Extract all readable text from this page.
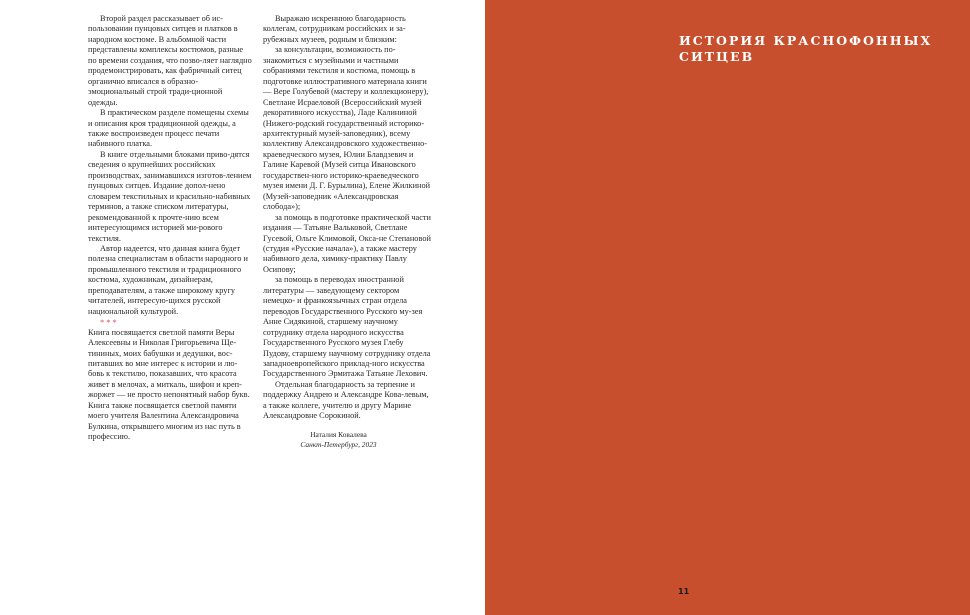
Второй раздел рассказывает об ис-пользовании пунцовых ситцев и платков в народном костюме. В альбомной части представлены комплексы костюмов, разные по времени создания, что позво-ляет наглядно продемонстрировать, как фабричный ситец органично вписался в образно-эмоциональный строй тради-ционной одежды.

В практическом разделе помещены схемы и описания кроя традиционной одежды, а также воспроизведен процесс печати набивного платка.

В книге отдельными блоками приво-дятся сведения о крупнейших российских производствах, занимавшихся изготов-лением пунцовых ситцев. Издание допол-нено словарем текстильных и красильно-набивных терминов, а также списком литературы, рекомендованной к прочте-нию всем интересующимся историей ми-рового текстиля.

Автор надеется, что данная книга будет полезна специалистам в области народного и промышленного текстиля и традиционного костюма, художникам, дизайнерам, преподавателям, а также широкому кругу читателей, интересую-щихся русской национальной культурой.

***

Книга посвящается светлой памяти Веры Алексеевны и Николая Григорьевича Ще-тининых, моих бабушки и дедушки, вос-питавших во мне интерес к истории и лю-бовь к текстилю, показавших, что красота живет в мелочах, а миткаль, шифон и креп-жоржет — не просто непонятный набор букв. Книга также посвящается светлой памяти моего учителя Валентина Александровича Булкина, открывшего многим из нас путь в профессию.

Выражаю искреннюю благодарность коллегам, сотрудникам российских и за-рубежных музеев, родным и близким:

за консультации, возможность по-знакомиться с музейными и частными собраниями текстиля и костюма, помощь в подготовке иллюстративного материала книги — Вере Голубевой (мастеру и коллекционеру), Светлане Исраеловой (Всероссийский музей декоративного искусства), Ладе Калининой (Нижего-родский государственный историко-архитектурный музей-заповедник), всему коллективу Александровского художественно-краеведческого музея, Юлии Блавдзевич и Галине Каревой (Музей ситца Ивановского государствен-ного историко-краеведческого музея имени Д. Г. Бурылина), Елене Жилкиной (Музей-заповедник «Александровская слобода»);

за помощь в подготовке практической части издания — Татьяне Вальковой, Светлане Гусевой, Ольге Климовой, Окса-не Степановой (студия «Русские начала»), а также мастеру набивного дела, химику-практику Павлу Осипову;

за помощь в переводах иностранной литературы — заведующему сектором немецко- и франкоязычных стран отдела переводов Государственного Русского му-зея Анне Сидякиной, старшему научному сотруднику отдела народного искусства Государственного Русского музея Глебу Пудову, старшему научному сотруднику отдела западноевропейского приклад-ного искусства Государственного Эрмитажа Татьяне Лехович.

Отдельная благодарность за терпение и поддержку Андрею и Александре Кова-левым, а также коллеге, учителю и другу Марине Александровне Сорокиной.

Наталия Ковалева
Санкт-Петербург, 2023
ИСТОРИЯ КРАСНОФОННЫХ СИТЦЕВ
11
